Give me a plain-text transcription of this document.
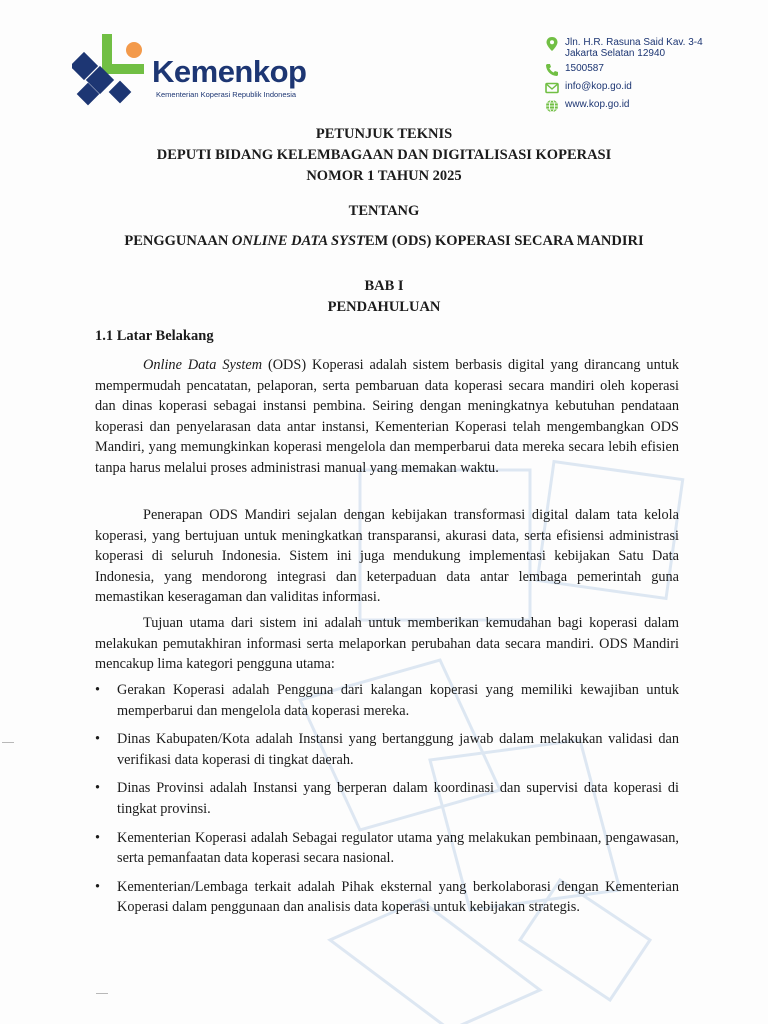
Kemenkop
Kementerian Koperasi Republik Indonesia
Jln. H.R. Rasuna Said Kav. 3-4
Jakarta Selatan 12940
1500587
info@kop.go.id
www.kop.go.id
PETUNJUK TEKNIS
DEPUTI BIDANG KELEMBAGAAN DAN DIGITALISASI KOPERASI
NOMOR 1 TAHUN 2025
TENTANG
PENGGUNAAN ONLINE DATA SYSTEM (ODS) KOPERASI SECARA MANDIRI
BAB I
PENDAHULUAN
1.1 Latar Belakang
Online Data System (ODS) Koperasi adalah sistem berbasis digital yang dirancang untuk mempermudah pencatatan, pelaporan, serta pembaruan data koperasi secara mandiri oleh koperasi dan dinas koperasi sebagai instansi pembina. Seiring dengan meningkatnya kebutuhan pendataan koperasi dan penyelarasan data antar instansi, Kementerian Koperasi telah mengembangkan ODS Mandiri, yang memungkinkan koperasi mengelola dan memperbarui data mereka secara lebih efisien tanpa harus melalui proses administrasi manual yang memakan waktu.
Penerapan ODS Mandiri sejalan dengan kebijakan transformasi digital dalam tata kelola koperasi, yang bertujuan untuk meningkatkan transparansi, akurasi data, serta efisiensi administrasi koperasi di seluruh Indonesia. Sistem ini juga mendukung implementasi kebijakan Satu Data Indonesia, yang mendorong integrasi dan keterpaduan data antar lembaga pemerintah guna memastikan keseragaman dan validitas informasi.
Tujuan utama dari sistem ini adalah untuk memberikan kemudahan bagi koperasi dalam melakukan pemutakhiran informasi serta melaporkan perubahan data secara mandiri. ODS Mandiri mencakup lima kategori pengguna utama:
• Gerakan Koperasi adalah Pengguna dari kalangan koperasi yang memiliki kewajiban untuk memperbarui dan mengelola data koperasi mereka.
• Dinas Kabupaten/Kota adalah Instansi yang bertanggung jawab dalam melakukan validasi dan verifikasi data koperasi di tingkat daerah.
• Dinas Provinsi adalah Instansi yang berperan dalam koordinasi dan supervisi data koperasi di tingkat provinsi.
• Kementerian Koperasi adalah Sebagai regulator utama yang melakukan pembinaan, pengawasan, serta pemanfaatan data koperasi secara nasional.
• Kementerian/Lembaga terkait adalah Pihak eksternal yang berkolaborasi dengan Kementerian Koperasi dalam penggunaan dan analisis data koperasi untuk kebijakan strategis.
